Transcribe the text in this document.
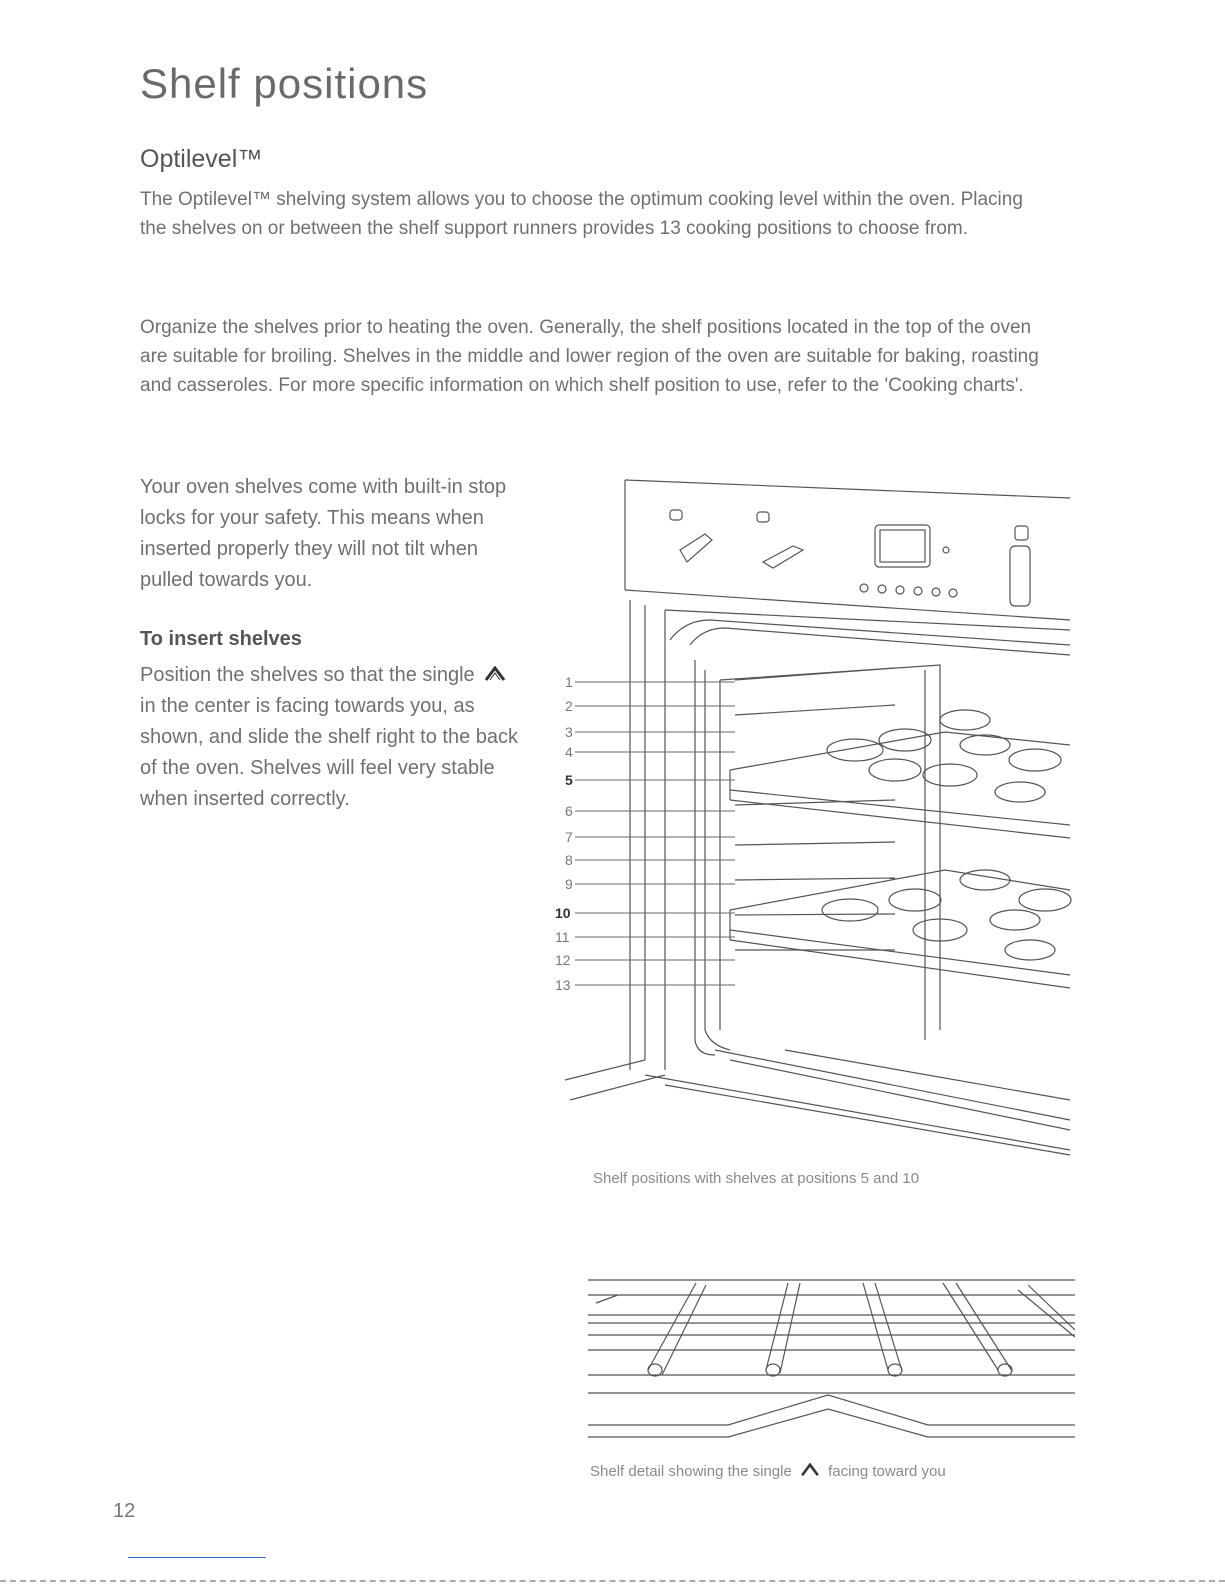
Shelf positions
Optilevel™
The Optilevel™ shelving system allows you to choose the optimum cooking level within the oven. Placing the shelves on or between the shelf support runners provides 13 cooking positions to choose from.
Organize the shelves prior to heating the oven. Generally, the shelf positions located in the top of the oven are suitable for broiling. Shelves in the middle and lower region of the oven are suitable for baking, roasting and casseroles. For more specific information on which shelf position to use, refer to the 'Cooking charts'.
Your oven shelves come with built-in stop locks for your safety. This means when inserted properly they will not tilt when pulled towards you.
To insert shelves
Position the shelves so that the single  in the center is facing towards you, as shown, and slide the shelf right to the back of the oven. Shelves will feel very stable when inserted correctly.
1
2
3
4
5
6
7
8
9
10
11
12
13
Shelf positions with shelves at positions 5 and 10
Shelf detail showing the single facing toward you
12
